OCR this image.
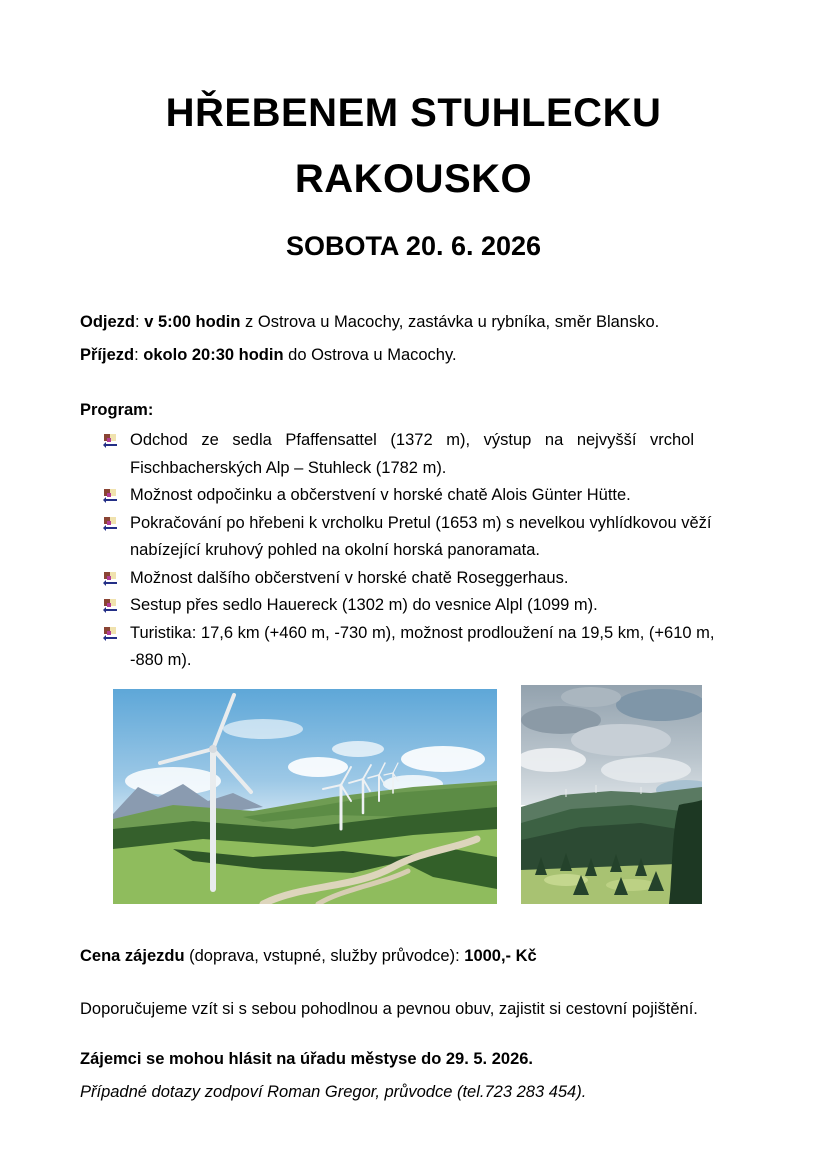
HŘEBENEM STUHLECKU
RAKOUSKO
SOBOTA 20. 6. 2026
Odjezd: v 5:00 hodin z Ostrova u Macochy, zastávka u rybníka, směr Blansko.
Příjezd: okolo 20:30 hodin do Ostrova u Macochy.
Program:
Odchod ze sedla Pfaffensattel (1372 m), výstup na nejvyšší vrchol
Fischbacherských Alp – Stuhleck (1782 m).
Možnost odpočinku a občerstvení v horské chatě Alois Günter Hütte.
Pokračování po hřebeni k vrcholku Pretul (1653 m) s nevelkou vyhlídkovou věží
nabízející kruhový pohled na okolní horská panoramata.
Možnost dalšího občerstvení v horské chatě Roseggerhaus.
Sestup přes sedlo Hauereck (1302 m) do vesnice Alpl (1099 m).
Turistika: 17,6 km (+460 m, -730 m), možnost prodloužení na 19,5 km, (+610 m,
-880 m).
Cena zájezdu (doprava, vstupné, služby průvodce): 1000,- Kč
Doporučujeme vzít si s sebou pohodlnou a pevnou obuv, zajistit si cestovní pojištění.
Zájemci se mohou hlásit na úřadu městyse do 29. 5. 2026.
Případné dotazy zodpoví Roman Gregor, průvodce (tel.723 283 454).
